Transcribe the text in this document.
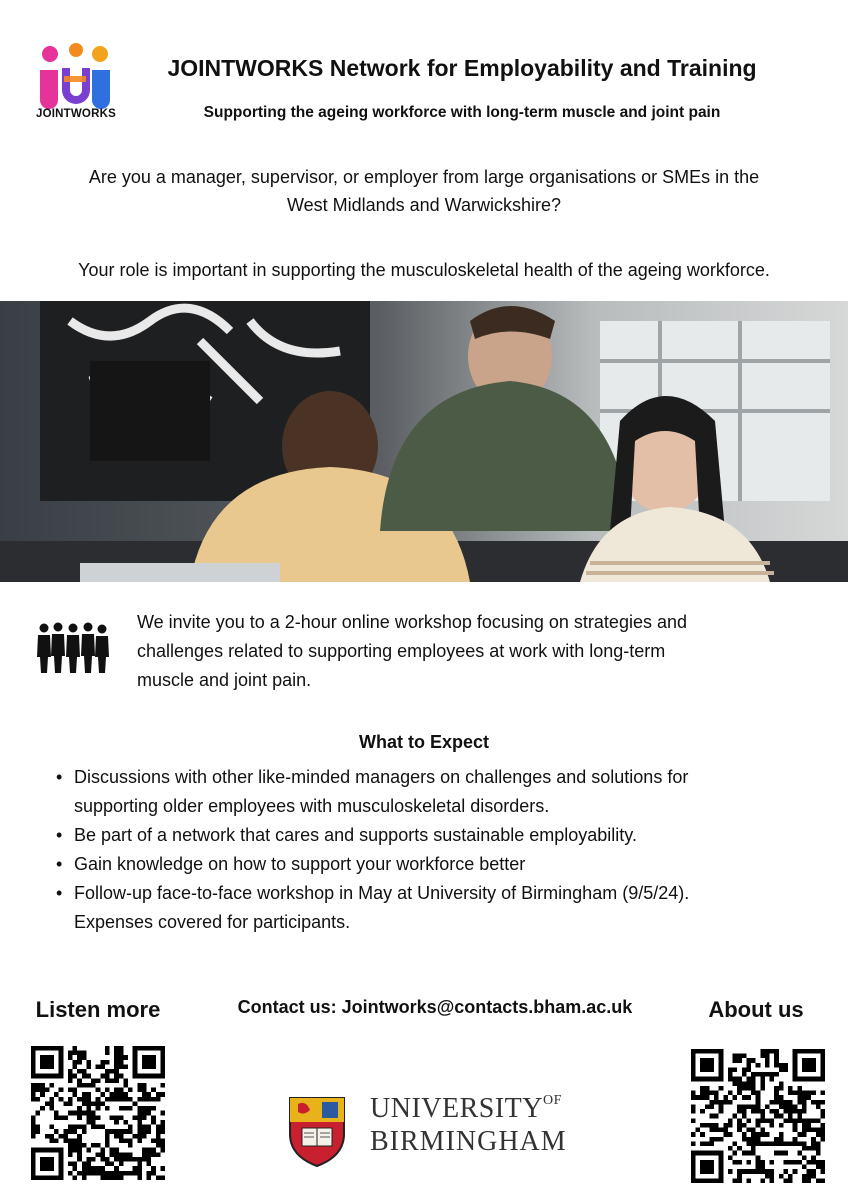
JOINTWORKS
JOINTWORKS Network for Employability and Training
Supporting the ageing workforce with long-term muscle and joint pain
Are you a manager, supervisor, or employer from large organisations or SMEs in the
West Midlands and Warwickshire?
Your role is important in supporting the musculoskeletal health of the ageing workforce.
We invite you to a 2-hour online workshop focusing on strategies and
challenges related to supporting employees at work with long-term
muscle and joint pain.
What to Expect
• Discussions with other like-minded managers on challenges and solutions for
supporting older employees with musculoskeletal disorders.
• Be part of a network that cares and supports sustainable employability.
• Gain knowledge on how to support your workforce better
• Follow-up face-to-face workshop in May at University of Birmingham (9/5/24).
Expenses covered for participants.
Listen more	Contact us: Jointworks@contacts.bham.ac.uk	About us
$UNIVERSITY^{OF}$
BIRMINGHAM
